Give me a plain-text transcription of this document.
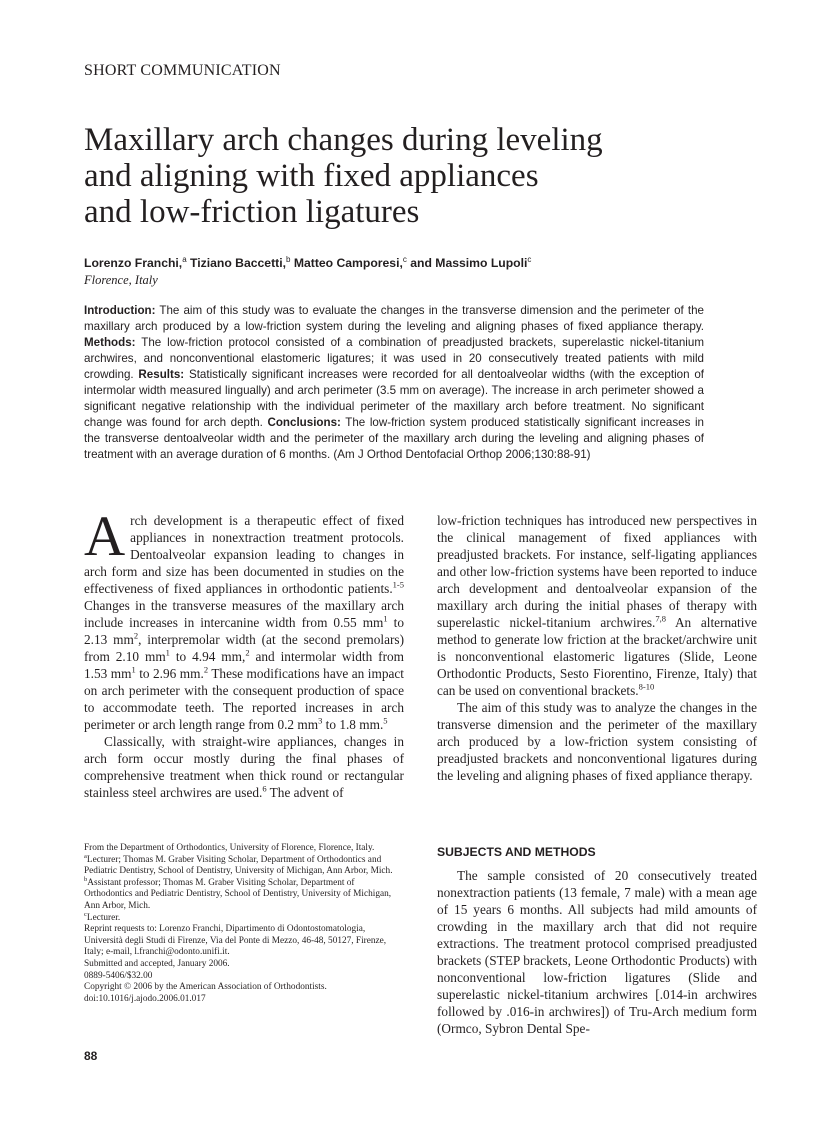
SHORT COMMUNICATION
Maxillary arch changes during leveling
and aligning with fixed appliances
and low-friction ligatures
Lorenzo Franchi,$^a$ Tiziano Baccetti,$^b$ Matteo Camporesi,$^c$ and Massimo Lupoli$^c$
Florence, Italy
Introduction: The aim of this study was to evaluate the changes in the transverse dimension and the perimeter of the maxillary arch produced by a low-friction system during the leveling and aligning phases of fixed appliance therapy. Methods: The low-friction protocol consisted of a combination of preadjusted brackets, superelastic nickel-titanium archwires, and nonconventional elastomeric ligatures; it was used in 20 consecutively treated patients with mild crowding. Results: Statistically significant increases were recorded for all dentoalveolar widths (with the exception of intermolar width measured lingually) and arch perimeter (3.5 mm on average). The increase in arch perimeter showed a significant negative relationship with the individual perimeter of the maxillary arch before treatment. No significant change was found for arch depth. Conclusions: The low-friction system produced statistically significant increases in the transverse dentoalveolar width and the perimeter of the maxillary arch during the leveling and aligning phases of treatment with an average duration of 6 months. (Am J Orthod Dentofacial Orthop 2006;130:88-91)

Arch development is a therapeutic effect of fixed appliances in nonextraction treatment protocols. Dentoalveolar expansion leading to changes in arch form and size has been documented in studies on the effectiveness of fixed appliances in orthodontic patients.$^{1-5}$ Changes in the transverse measures of the maxillary arch include increases in intercanine width from 0.55 $mm^1$ to 2.13 $mm^2$, interpremolar width (at the second premolars) from 2.10 $mm^1$ to 4.94 mm,$^2$ and intermolar width from 1.53 $mm^1$ to 2.96 mm.$^2$ These modifications have an impact on arch perimeter with the consequent production of space to accommodate teeth. The reported increases in arch perimeter or arch length range from 0.2 $mm^3$ to 1.8 mm.$^5$

Classically, with straight-wire appliances, changes in arch form occur mostly during the final phases of comprehensive treatment when thick round or rectangular stainless steel archwires are used.$^6$ The advent of

low-friction techniques has introduced new perspectives in the clinical management of fixed appliances with preadjusted brackets. For instance, self-ligating appliances and other low-friction systems have been reported to induce arch development and dentoalveolar expansion of the maxillary arch during the initial phases of therapy with superelastic nickel-titanium archwires.$^{7,8}$ An alternative method to generate low friction at the bracket/archwire unit is nonconventional elastomeric ligatures (Slide, Leone Orthodontic Products, Sesto Fiorentino, Firenze, Italy) that can be used on conventional brackets.$^{8-10}$

The aim of this study was to analyze the changes in the transverse dimension and the perimeter of the maxillary arch produced by a low-friction system consisting of preadjusted brackets and nonconventional ligatures during the leveling and aligning phases of fixed appliance therapy.

SUBJECTS AND METHODS

The sample consisted of 20 consecutively treated nonextraction patients (13 female, 7 male) with a mean age of 15 years 6 months. All subjects had mild amounts of crowding in the maxillary arch that did not require extractions. The treatment protocol comprised preadjusted brackets (STEP brackets, Leone Orthodontic Products) with nonconventional low-friction ligatures (Slide and superelastic nickel-titanium archwires [.014-in archwires followed by .016-in archwires]) of Tru-Arch medium form (Ormco, Sybron Dental Spe-

From the Department of Orthodontics, University of Florence, Florence, Italy.
$^a$Lecturer; Thomas M. Graber Visiting Scholar, Department of Orthodontics and Pediatric Dentistry, School of Dentistry, University of Michigan, Ann Arbor, Mich.
$^b$Assistant professor; Thomas M. Graber Visiting Scholar, Department of Orthodontics and Pediatric Dentistry, School of Dentistry, University of Michigan, Ann Arbor, Mich.
$^c$Lecturer.
Reprint requests to: Lorenzo Franchi, Dipartimento di Odontostomatologia, Università degli Studi di Firenze, Via del Ponte di Mezzo, 46-48, 50127, Firenze, Italy; e-mail, l.franchi@odonto.unifi.it.
Submitted and accepted, January 2006.
0889-5406/$32.00
Copyright © 2006 by the American Association of Orthodontists.
doi:10.1016/j.ajodo.2006.01.017
88
